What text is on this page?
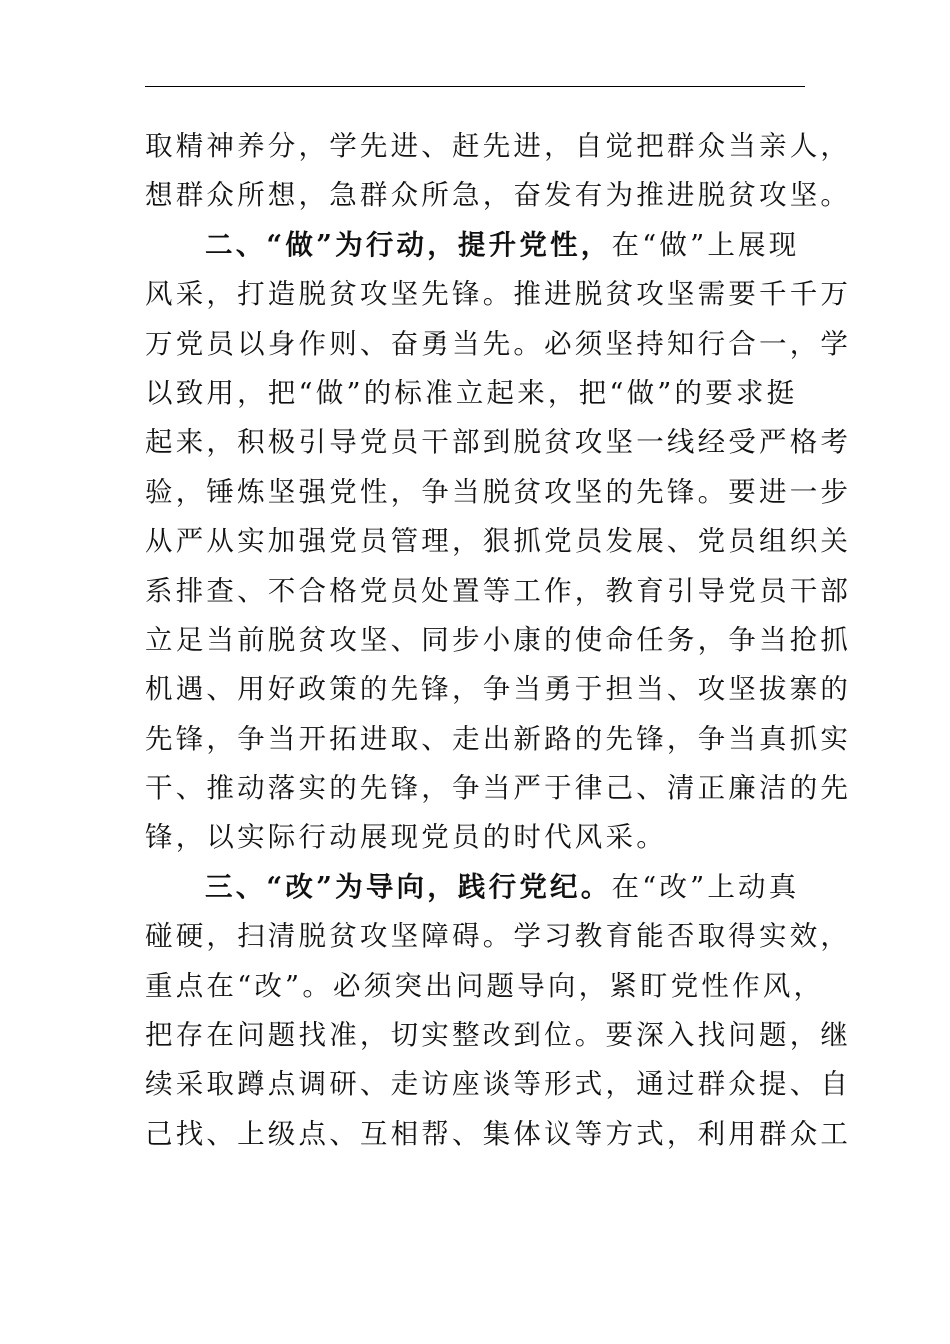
取精神养分，学先进、赶先进，自觉把群众当亲人，
想群众所想，急群众所急，奋发有为推进脱贫攻坚。
二、“做”为行动，提升党性，在“做”上展现
风采，打造脱贫攻坚先锋。推进脱贫攻坚需要千千万
万党员以身作则、奋勇当先。必须坚持知行合一，学
以致用，把“做”的标准立起来，把“做”的要求挺
起来，积极引导党员干部到脱贫攻坚一线经受严格考
验，锤炼坚强党性，争当脱贫攻坚的先锋。要进一步
从严从实加强党员管理，狠抓党员发展、党员组织关
系排查、不合格党员处置等工作，教育引导党员干部
立足当前脱贫攻坚、同步小康的使命任务，争当抢抓
机遇、用好政策的先锋，争当勇于担当、攻坚拔寨的
先锋，争当开拓进取、走出新路的先锋，争当真抓实
干、推动落实的先锋，争当严于律己、清正廉洁的先
锋，以实际行动展现党员的时代风采。
三、“改”为导向，践行党纪。在“改”上动真
碰硬，扫清脱贫攻坚障碍。学习教育能否取得实效，
重点在“改”。必须突出问题导向，紧盯党性作风，
把存在问题找准，切实整改到位。要深入找问题，继
续采取蹲点调研、走访座谈等形式，通过群众提、自
己找、上级点、互相帮、集体议等方式，利用群众工
